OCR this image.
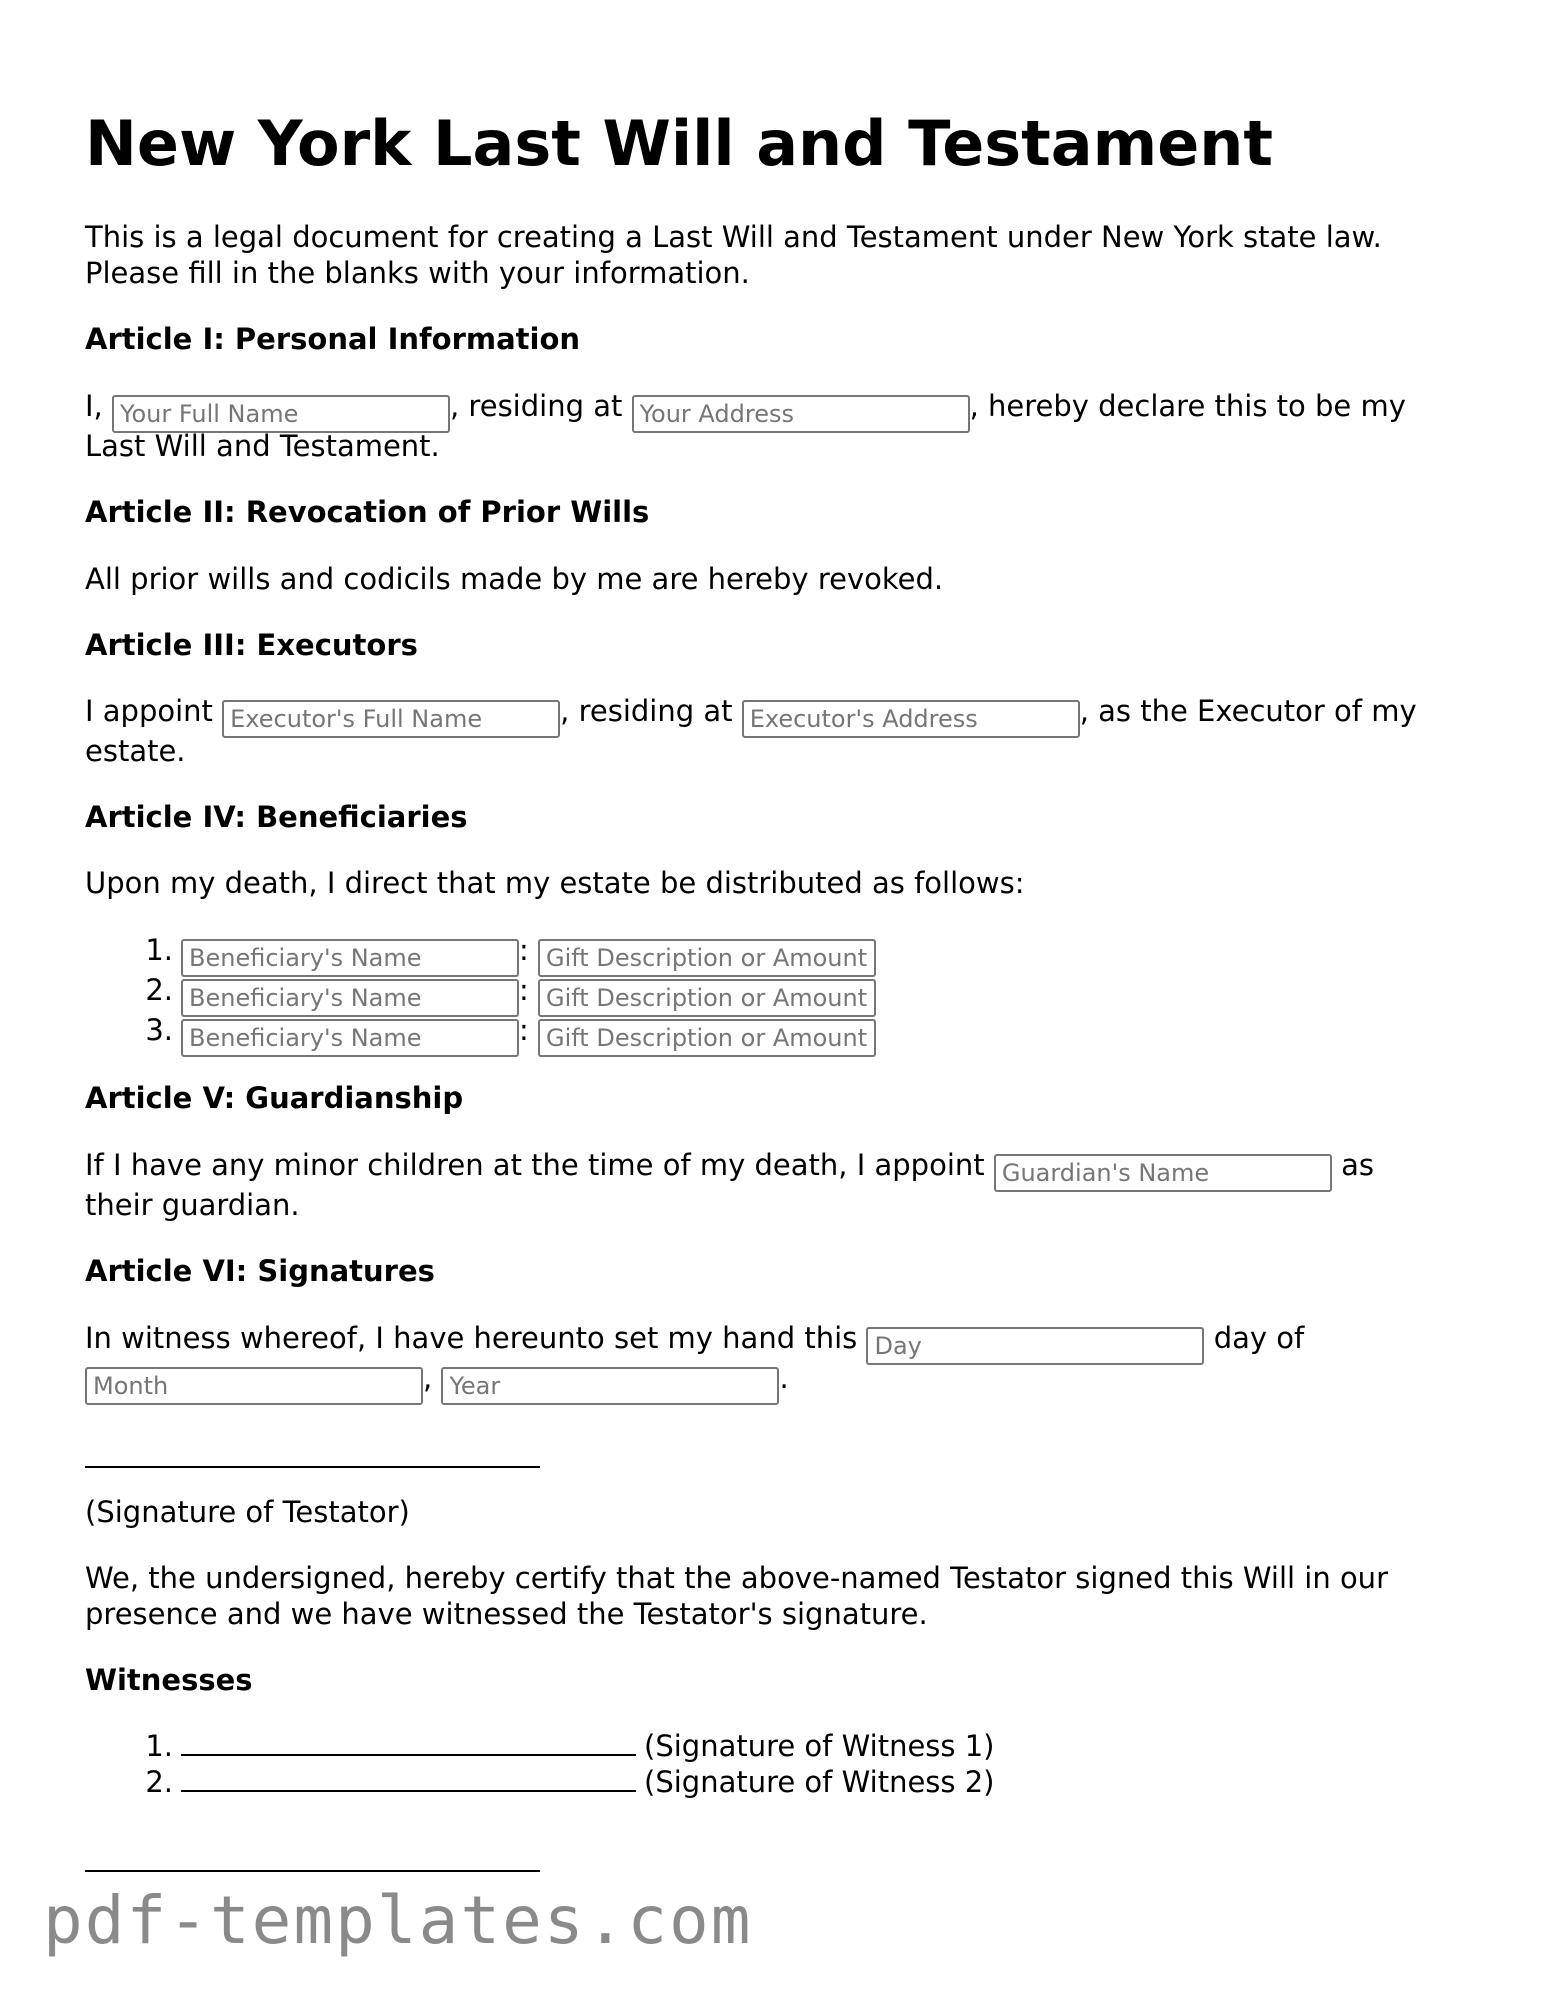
New York Last Will and Testament

This is a legal document for creating a Last Will and Testament under New York state law.

Please fill in the blanks with your information.

Article I: Personal Information

I, Your Full Name	, residing at Your Address	, hereby declare this to be my

Last Will and Testament.

Article II: Revocation of Prior Wills

All prior wills and codicils made by me are hereby revoked.

Article III: Executors

I appoint Executor's Full Name	, residing at Executor's Address	, as the Executor of my

estate.

Article IV: Beneficiaries

Upon my death, I direct that my estate be distributed as follows:

1.Beneficiary's Name	: Gift Description or Amount

2.Beneficiary's Name	: Gift Description or Amount

3.Beneficiary's Name	: Gift Description or Amount

Article V: Guardianship

If I have any minor children at the time of my death, I appoint Guardian's Name	as

their guardian.

Article VI: Signatures

In witness whereof, I have hereunto set my hand this Day	day of

Month, Year	.

(Signature of Testator)

We, the undersigned, hereby certify that the above-named Testator signed this Will in our

presence and we have witnessed the Testator's signature.

Witnesses

1.	(Signature of Witness 1)

2.	(Signature of Witness 2)

pdf-templates.com
